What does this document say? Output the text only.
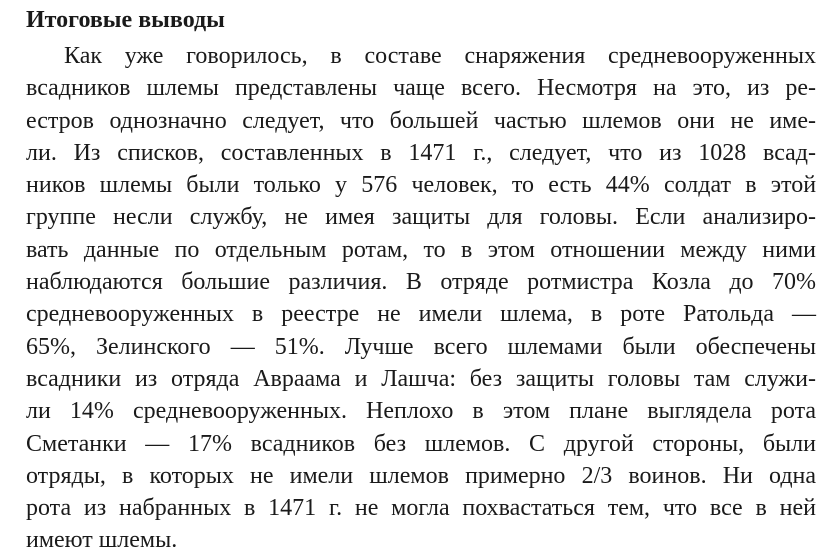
Итоговые выводы
Как уже говорилось, в составе снаряжения средневооруженных
всадников шлемы представлены чаще всего. Несмотря на это, из ре-
естров однозначно следует, что большей частью шлемов они не име-
ли. Из списков, составленных в 1471 г., следует, что из 1028 всад-
ников шлемы были только у 576 человек, то есть 44% солдат в этой
группе несли службу, не имея защиты для головы. Если анализиро-
вать данные по отдельным ротам, то в этом отношении между ними
наблюдаются большие различия. В отряде ротмистра Козла до 70%
средневооруженных в реестре не имели шлема, в роте Ратольда —
65%, Зелинского — 51%. Лучше всего шлемами были обеспечены
всадники из отряда Авраама и Лашча: без защиты головы там служи-
ли 14% средневооруженных. Неплохо в этом плане выглядела рота
Сметанки — 17% всадников без шлемов. С другой стороны, были
отряды, в которых не имели шлемов примерно 2/3 воинов. Ни одна
рота из набранных в 1471 г. не могла похвастаться тем, что все в ней
имеют шлемы.
